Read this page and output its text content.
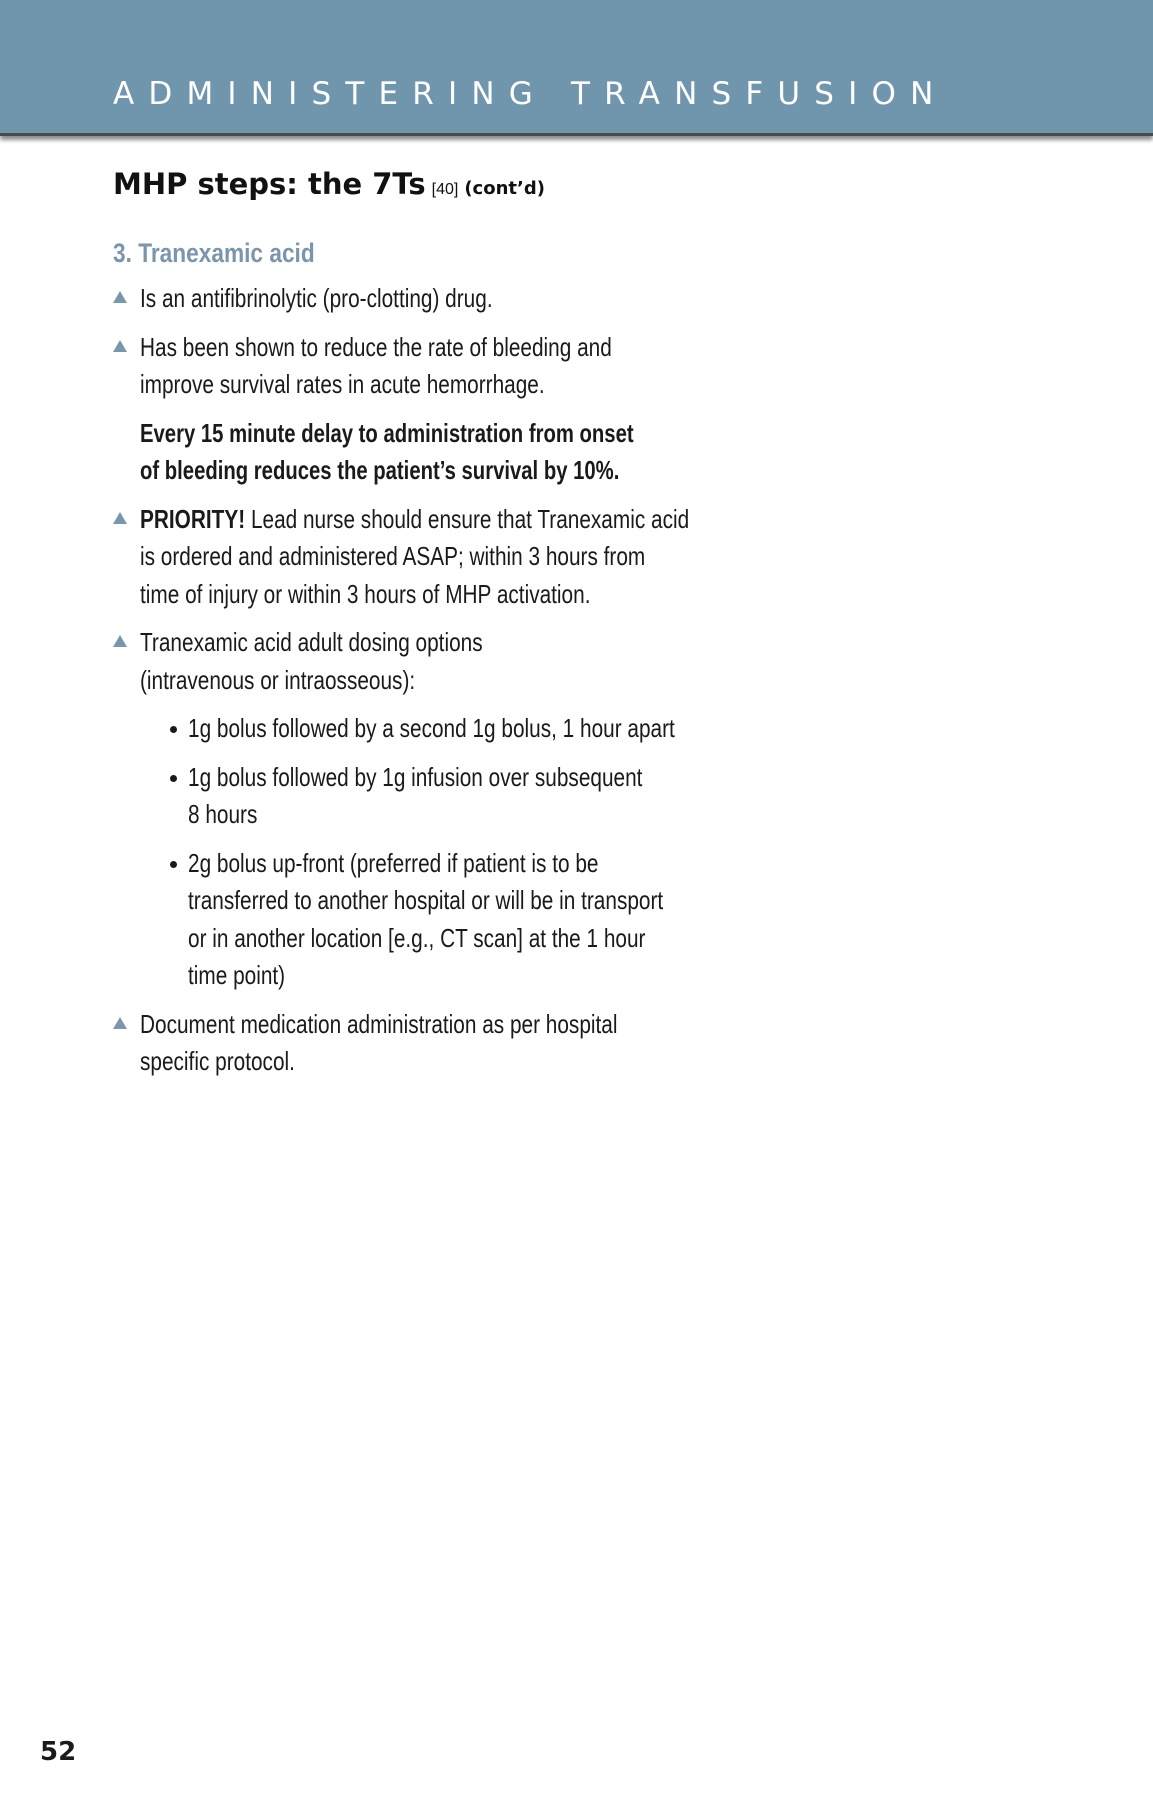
ADMINISTERING TRANSFUSION
MHP steps: the 7Ts [40] (cont’d)
3. Tranexamic acid
Is an antifibrinolytic (pro-clotting) drug.
Has been shown to reduce the rate of bleeding and
improve survival rates in acute hemorrhage.
Every 15 minute delay to administration from onset
of bleeding reduces the patient’s survival by 10%.
PRIORITY! Lead nurse should ensure that Tranexamic acid
is ordered and administered ASAP; within 3 hours from
time of injury or within 3 hours of MHP activation.
Tranexamic acid adult dosing options
(intravenous or intraosseous):
1g bolus followed by a second 1g bolus, 1 hour apart
1g bolus followed by 1g infusion over subsequent
8 hours
2g bolus up-front (preferred if patient is to be
transferred to another hospital or will be in transport
or in another location [e.g., CT scan] at the 1 hour
time point)
Document medication administration as per hospital
specific protocol.
52
